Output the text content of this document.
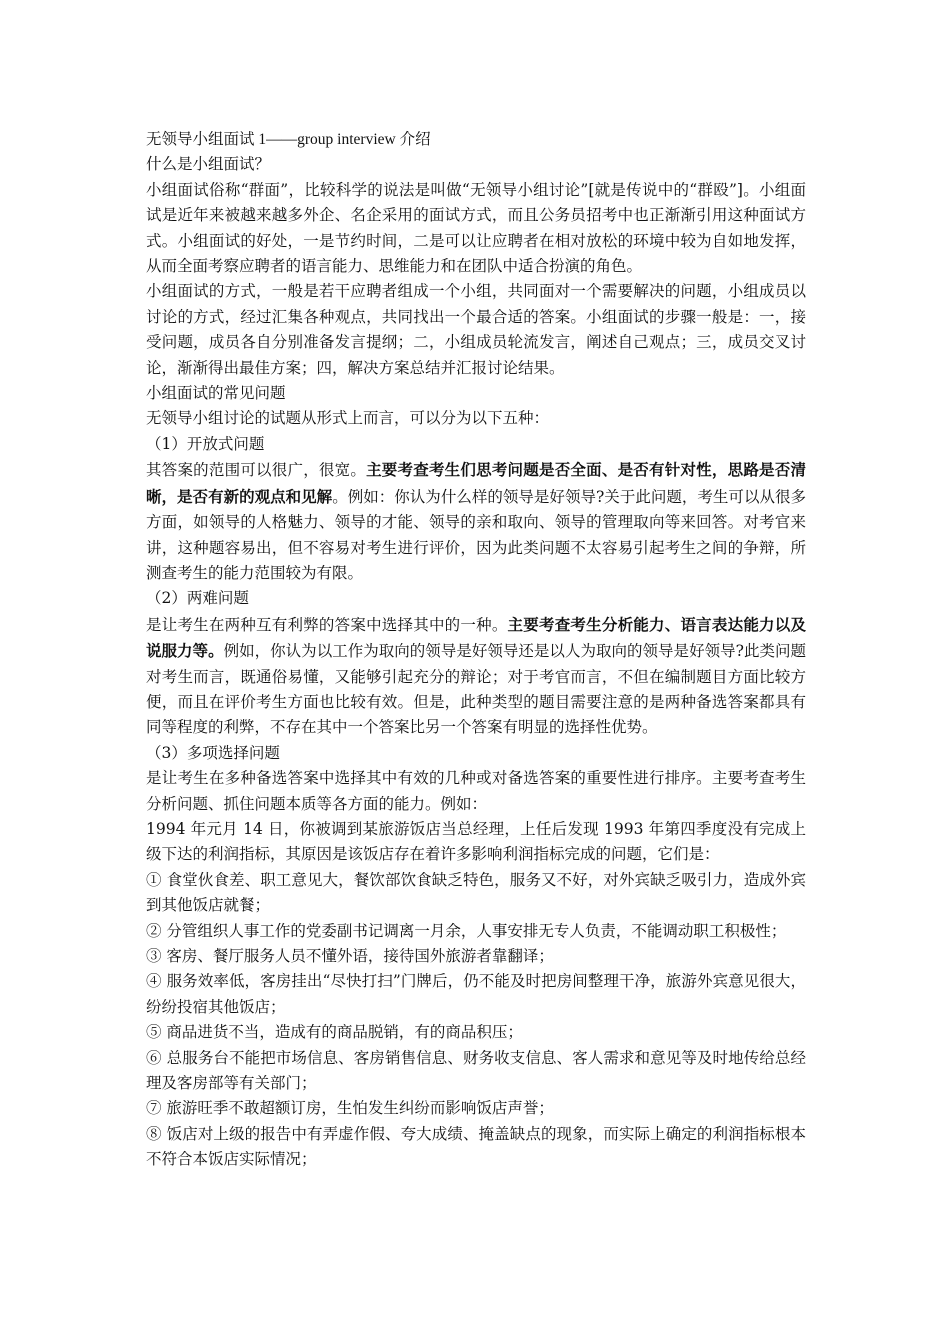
无领导小组面试 1——group interview 介绍

什么是小组面试？

小组面试俗称“群面”，比较科学的说法是叫做“无领导小组讨论”[就是传说中的“群殴”]。小组面试是近年来被越来越多外企、名企采用的面试方式，而且公务员招考中也正渐渐引用这种面试方式。小组面试的好处，一是节约时间，二是可以让应聘者在相对放松的环境中较为自如地发挥，从而全面考察应聘者的语言能力、思维能力和在团队中适合扮演的角色。

小组面试的方式，一般是若干应聘者组成一个小组，共同面对一个需要解决的问题，小组成员以讨论的方式，经过汇集各种观点，共同找出一个最合适的答案。小组面试的步骤一般是：一，接受问题，成员各自分别准备发言提纲；二，小组成员轮流发言，阐述自己观点；三，成员交叉讨论，渐渐得出最佳方案；四，解决方案总结并汇报讨论结果。

小组面试的常见问题

无领导小组讨论的试题从形式上而言，可以分为以下五种：

（1）开放式问题

其答案的范围可以很广，很宽。主要考查考生们思考问题是否全面、是否有针对性，思路是否清晰，是否有新的观点和见解。例如：你认为什么样的领导是好领导?关于此问题，考生可以从很多方面，如领导的人格魅力、领导的才能、领导的亲和取向、领导的管理取向等来回答。对考官来讲，这种题容易出，但不容易对考生进行评价，因为此类问题不太容易引起考生之间的争辩，所测查考生的能力范围较为有限。

（2）两难问题

是让考生在两种互有利弊的答案中选择其中的一种。主要考查考生分析能力、语言表达能力以及说服力等。例如，你认为以工作为取向的领导是好领导还是以人为取向的领导是好领导?此类问题对考生而言，既通俗易懂，又能够引起充分的辩论；对于考官而言，不但在编制题目方面比较方便，而且在评价考生方面也比较有效。但是，此种类型的题目需要注意的是两种备选答案都具有同等程度的利弊，不存在其中一个答案比另一个答案有明显的选择性优势。

（3）多项选择问题

是让考生在多种备选答案中选择其中有效的几种或对备选答案的重要性进行排序。主要考查考生分析问题、抓住问题本质等各方面的能力。例如：

1994 年元月 14 日，你被调到某旅游饭店当总经理，上任后发现 1993 年第四季度没有完成上级下达的利润指标，其原因是该饭店存在着许多影响利润指标完成的问题，它们是：

① 食堂伙食差、职工意见大，餐饮部饮食缺乏特色，服务又不好，对外宾缺乏吸引力，造成外宾到其他饭店就餐；

② 分管组织人事工作的党委副书记调离一月余，人事安排无专人负责，不能调动职工积极性；

③ 客房、餐厅服务人员不懂外语，接待国外旅游者靠翻译；

④ 服务效率低，客房挂出“尽快打扫”门牌后，仍不能及时把房间整理干净，旅游外宾意见很大，纷纷投宿其他饭店；

⑤ 商品进货不当，造成有的商品脱销，有的商品积压；

⑥ 总服务台不能把市场信息、客房销售信息、财务收支信息、客人需求和意见等及时地传给总经理及客房部等有关部门；

⑦ 旅游旺季不敢超额订房，生怕发生纠纷而影响饭店声誉；

⑧ 饭店对上级的报告中有弄虚作假、夸大成绩、掩盖缺点的现象，而实际上确定的利润指标根本不符合本饭店实际情况；
